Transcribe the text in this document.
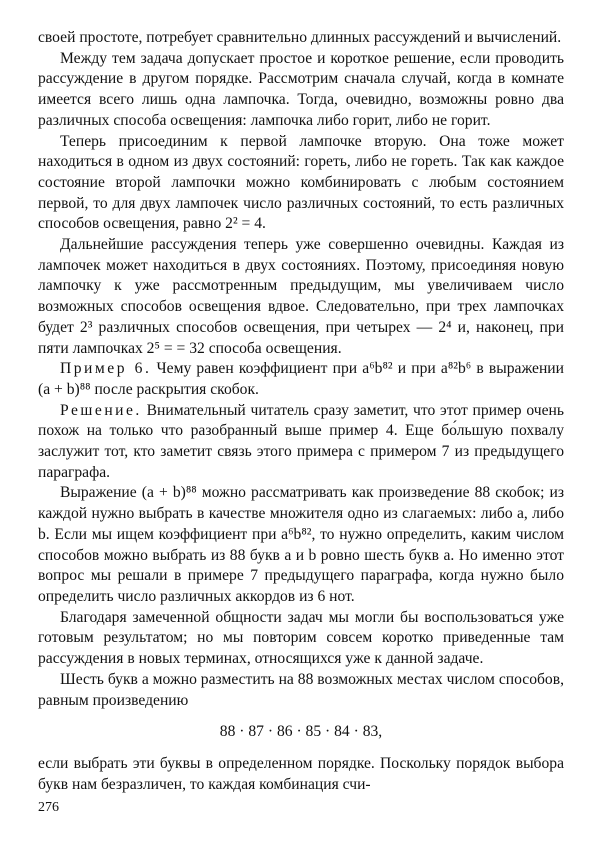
своей простоте, потребует сравнительно длинных рассуждений и вычислений.

Между тем задача допускает простое и короткое решение, если проводить рассуждение в другом порядке. Рассмотрим сначала случай, когда в комнате имеется всего лишь одна лампочка. Тогда, очевидно, возможны ровно два различных способа освещения: лампочка либо горит, либо не горит.

Теперь присоединим к первой лампочке вторую. Она тоже может находиться в одном из двух состояний: гореть, либо не гореть. Так как каждое состояние второй лампочки можно комбинировать с любым состоянием первой, то для двух лампочек число различных состояний, то есть различных способов освещения, равно 2² = 4.

Дальнейшие рассуждения теперь уже совершенно очевидны. Каждая из лампочек может находиться в двух состояниях. Поэтому, присоединяя новую лампочку к уже рассмотренным предыдущим, мы увеличиваем число возможных способов освещения вдвое. Следовательно, при трех лампочках будет 2³ различных способов освещения, при четырех — 2⁴ и, наконец, при пяти лампочках 2⁵ = = 32 способа освещения.

Пример 6. Чему равен коэффициент при a⁶b⁸² и при a⁸²b⁶ в выражении (a + b)⁸⁸ после раскрытия скобок.

Решение. Внимательный читатель сразу заметит, что этот пример очень похож на только что разобранный выше пример 4. Еще бо́льшую похвалу заслужит тот, кто заметит связь этого примера с примером 7 из предыдущего параграфа.

Выражение (a + b)⁸⁸ можно рассматривать как произведение 88 скобок; из каждой нужно выбрать в качестве множителя одно из слагаемых: либо a, либо b. Если мы ищем коэффициент при a⁶b⁸², то нужно определить, каким числом способов можно выбрать из 88 букв a и b ровно шесть букв a. Но именно этот вопрос мы решали в примере 7 предыдущего параграфа, когда нужно было определить число различных аккордов из 6 нот.

Благодаря замеченной общности задач мы могли бы воспользоваться уже готовым результатом; но мы повторим совсем коротко приведенные там рассуждения в новых терминах, относящихся уже к данной задаче.

Шесть букв a можно разместить на 88 возможных местах числом способов, равным произведению

88 · 87 · 86 · 85 · 84 · 83,

если выбрать эти буквы в определенном порядке. Поскольку порядок выбора букв нам безразличен, то каждая комбинация счи-

276
